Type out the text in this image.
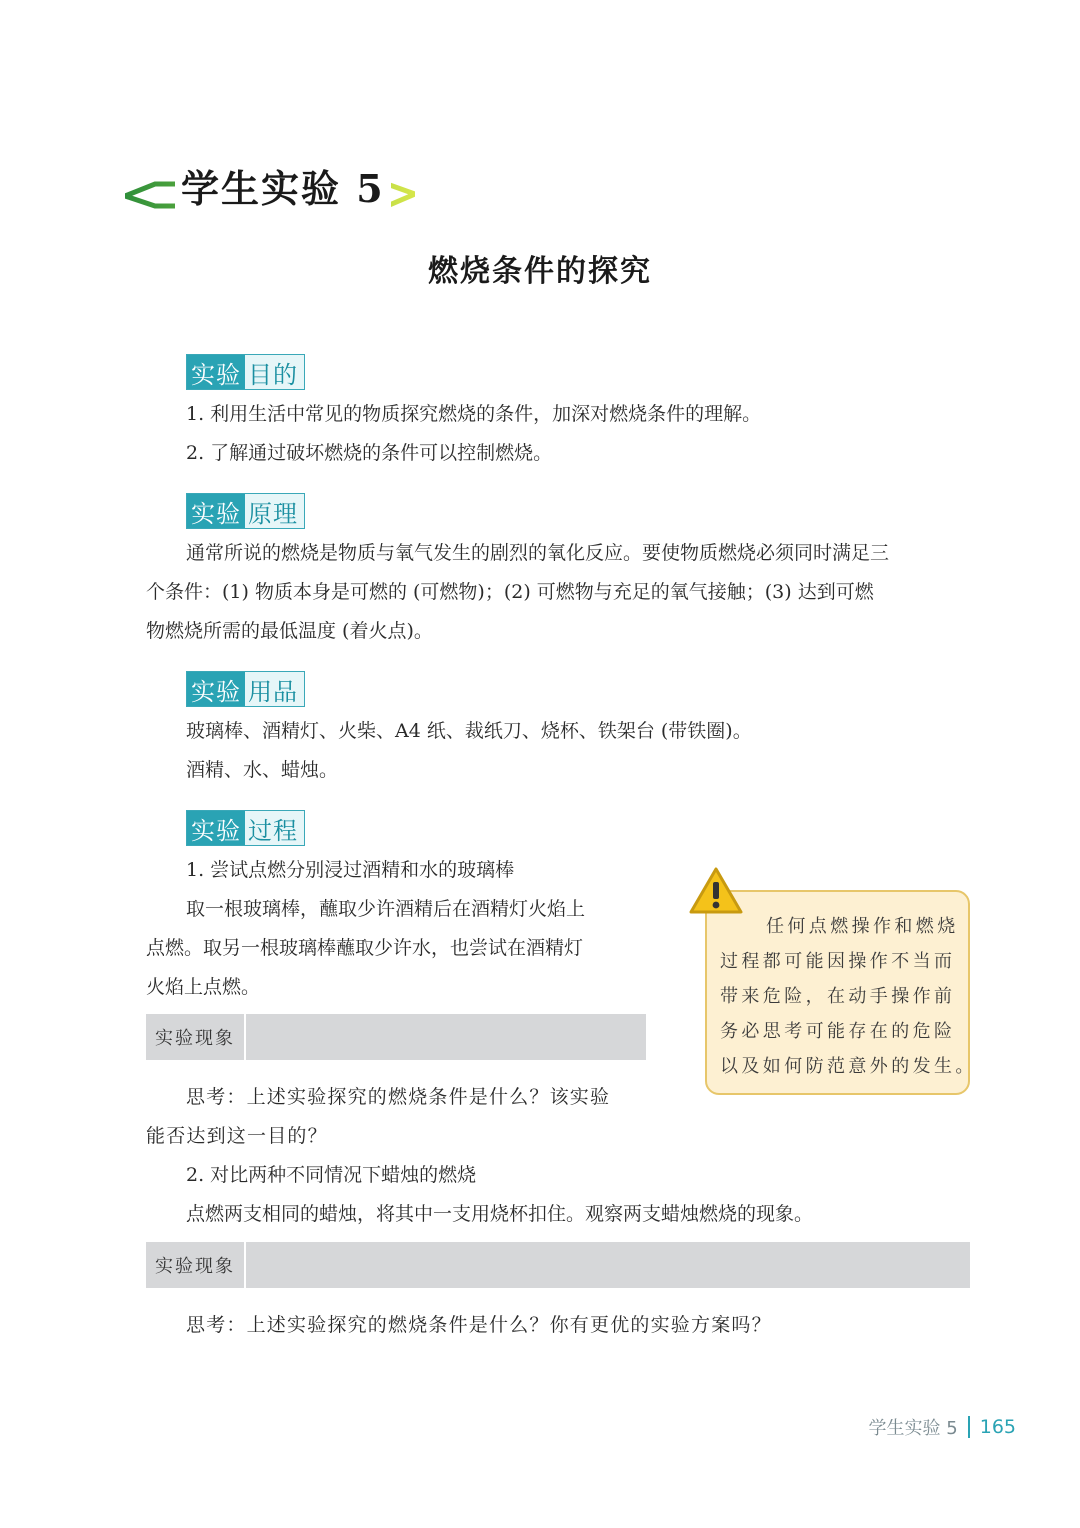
学生实验 5
燃烧条件的探究
实验 目的
1. 利用生活中常见的物质探究燃烧的条件，加深对燃烧条件的理解。
2. 了解通过破坏燃烧的条件可以控制燃烧。
实验 原理
通常所说的燃烧是物质与氧气发生的剧烈的氧化反应。要使物质燃烧必须同时满足三
个条件：(1) 物质本身是可燃的 (可燃物)；(2) 可燃物与充足的氧气接触；(3) 达到可燃
物燃烧所需的最低温度 (着火点)。
实验 用品
玻璃棒、酒精灯、火柴、A4 纸、裁纸刀、烧杯、铁架台 (带铁圈)。
酒精、水、蜡烛。
实验 过程
1. 尝试点燃分别浸过酒精和水的玻璃棒
取一根玻璃棒，蘸取少许酒精后在酒精灯火焰上
点燃。取另一根玻璃棒蘸取少许水，也尝试在酒精灯
火焰上点燃。
实验现象
思考：上述实验探究的燃烧条件是什么？该实验
能否达到这一目的？
2. 对比两种不同情况下蜡烛的燃烧
点燃两支相同的蜡烛，将其中一支用烧杯扣住。观察两支蜡烛燃烧的现象。
实验现象
思考：上述实验探究的燃烧条件是什么？你有更优的实验方案吗？
任何点燃操作和燃烧
过程都可能因操作不当而
带来危险，在动手操作前
务必思考可能存在的危险
以及如何防范意外的发生。
学生实验 5 165
